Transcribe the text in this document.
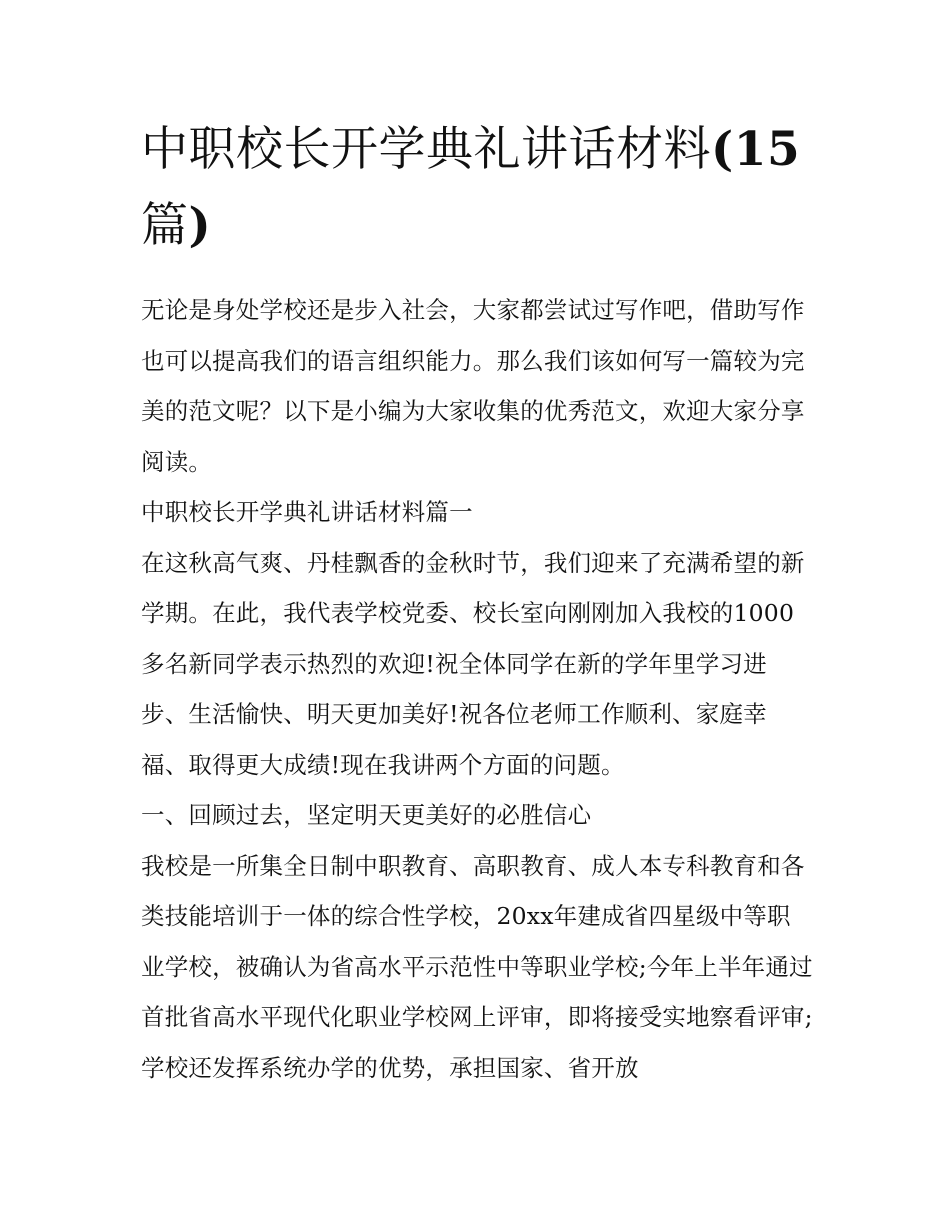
中职校长开学典礼讲话材料(15
篇)

无论是身处学校还是步入社会，大家都尝试过写作吧，借助写作也可以提高我们的语言组织能力。那么我们该如何写一篇较为完美的范文呢？以下是小编为大家收集的优秀范文，欢迎大家分享阅读。

中职校长开学典礼讲话材料篇一

在这秋高气爽、丹桂飘香的金秋时节，我们迎来了充满希望的新学期。在此，我代表学校党委、校长室向刚刚加入我校的1000多名新同学表示热烈的欢迎!祝全体同学在新的学年里学习进步、生活愉快、明天更加美好!祝各位老师工作顺利、家庭幸福、取得更大成绩!现在我讲两个方面的问题。

一、回顾过去，坚定明天更美好的必胜信心

我校是一所集全日制中职教育、高职教育、成人本专科教育和各类技能培训于一体的综合性学校，20xx年建成省四星级中等职业学校，被确认为省高水平示范性中等职业学校;今年上半年通过首批省高水平现代化职业学校网上评审，即将接受实地察看评审;学校还发挥系统办学的优势，承担国家、省开放
